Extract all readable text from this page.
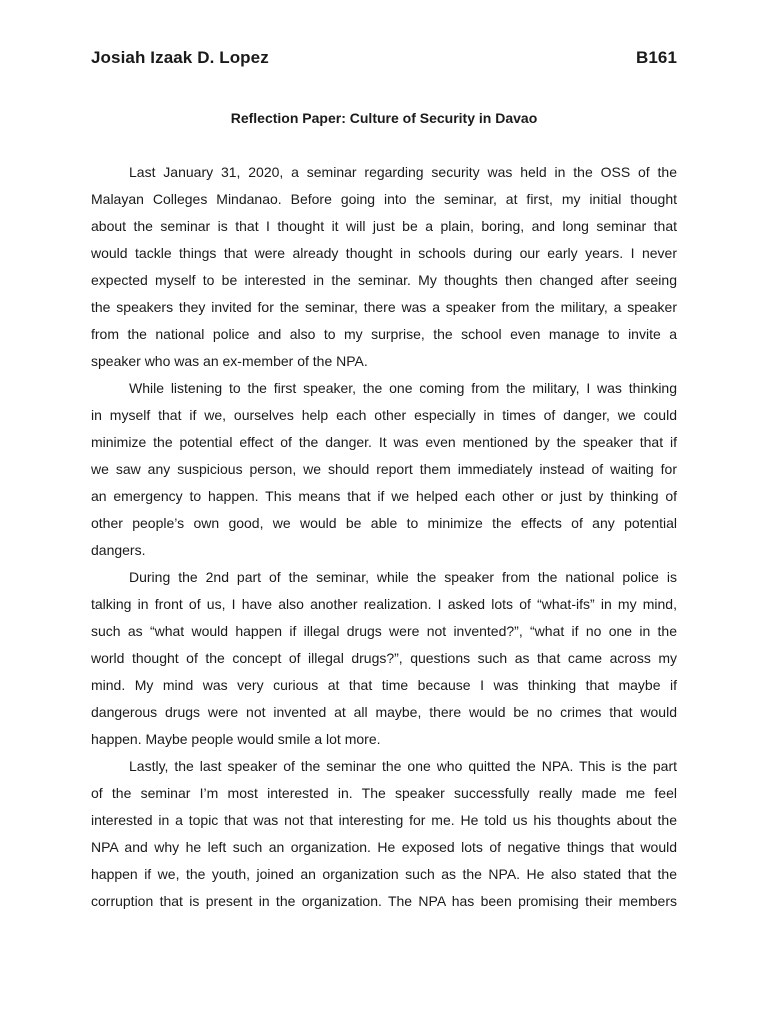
Josiah Izaak D. Lopez	B161
Reflection Paper: Culture of Security in Davao

Last January 31, 2020, a seminar regarding security was held in the OSS of the
Malayan Colleges Mindanao. Before going into the seminar, at first, my initial thought
about the seminar is that I thought it will just be a plain, boring, and long seminar that
would tackle things that were already thought in schools during our early years. I never
expected myself to be interested in the seminar. My thoughts then changed after seeing
the speakers they invited for the seminar, there was a speaker from the military, a speaker
from the national police and also to my surprise, the school even manage to invite a
speaker who was an ex-member of the NPA.

While listening to the first speaker, the one coming from the military, I was thinking
in myself that if we, ourselves help each other especially in times of danger, we could
minimize the potential effect of the danger. It was even mentioned by the speaker that if
we saw any suspicious person, we should report them immediately instead of waiting for
an emergency to happen. This means that if we helped each other or just by thinking of
other people’s own good, we would be able to minimize the effects of any potential
dangers.

During the 2nd part of the seminar, while the speaker from the national police is
talking in front of us, I have also another realization. I asked lots of “what-ifs” in my mind,
such as “what would happen if illegal drugs were not invented?”, “what if no one in the
world thought of the concept of illegal drugs?”, questions such as that came across my
mind. My mind was very curious at that time because I was thinking that maybe if
dangerous drugs were not invented at all maybe, there would be no crimes that would
happen. Maybe people would smile a lot more.

Lastly, the last speaker of the seminar the one who quitted the NPA. This is the part
of the seminar I’m most interested in. The speaker successfully really made me feel
interested in a topic that was not that interesting for me. He told us his thoughts about the
NPA and why he left such an organization. He exposed lots of negative things that would
happen if we, the youth, joined an organization such as the NPA. He also stated that the
corruption that is present in the organization. The NPA has been promising their members
